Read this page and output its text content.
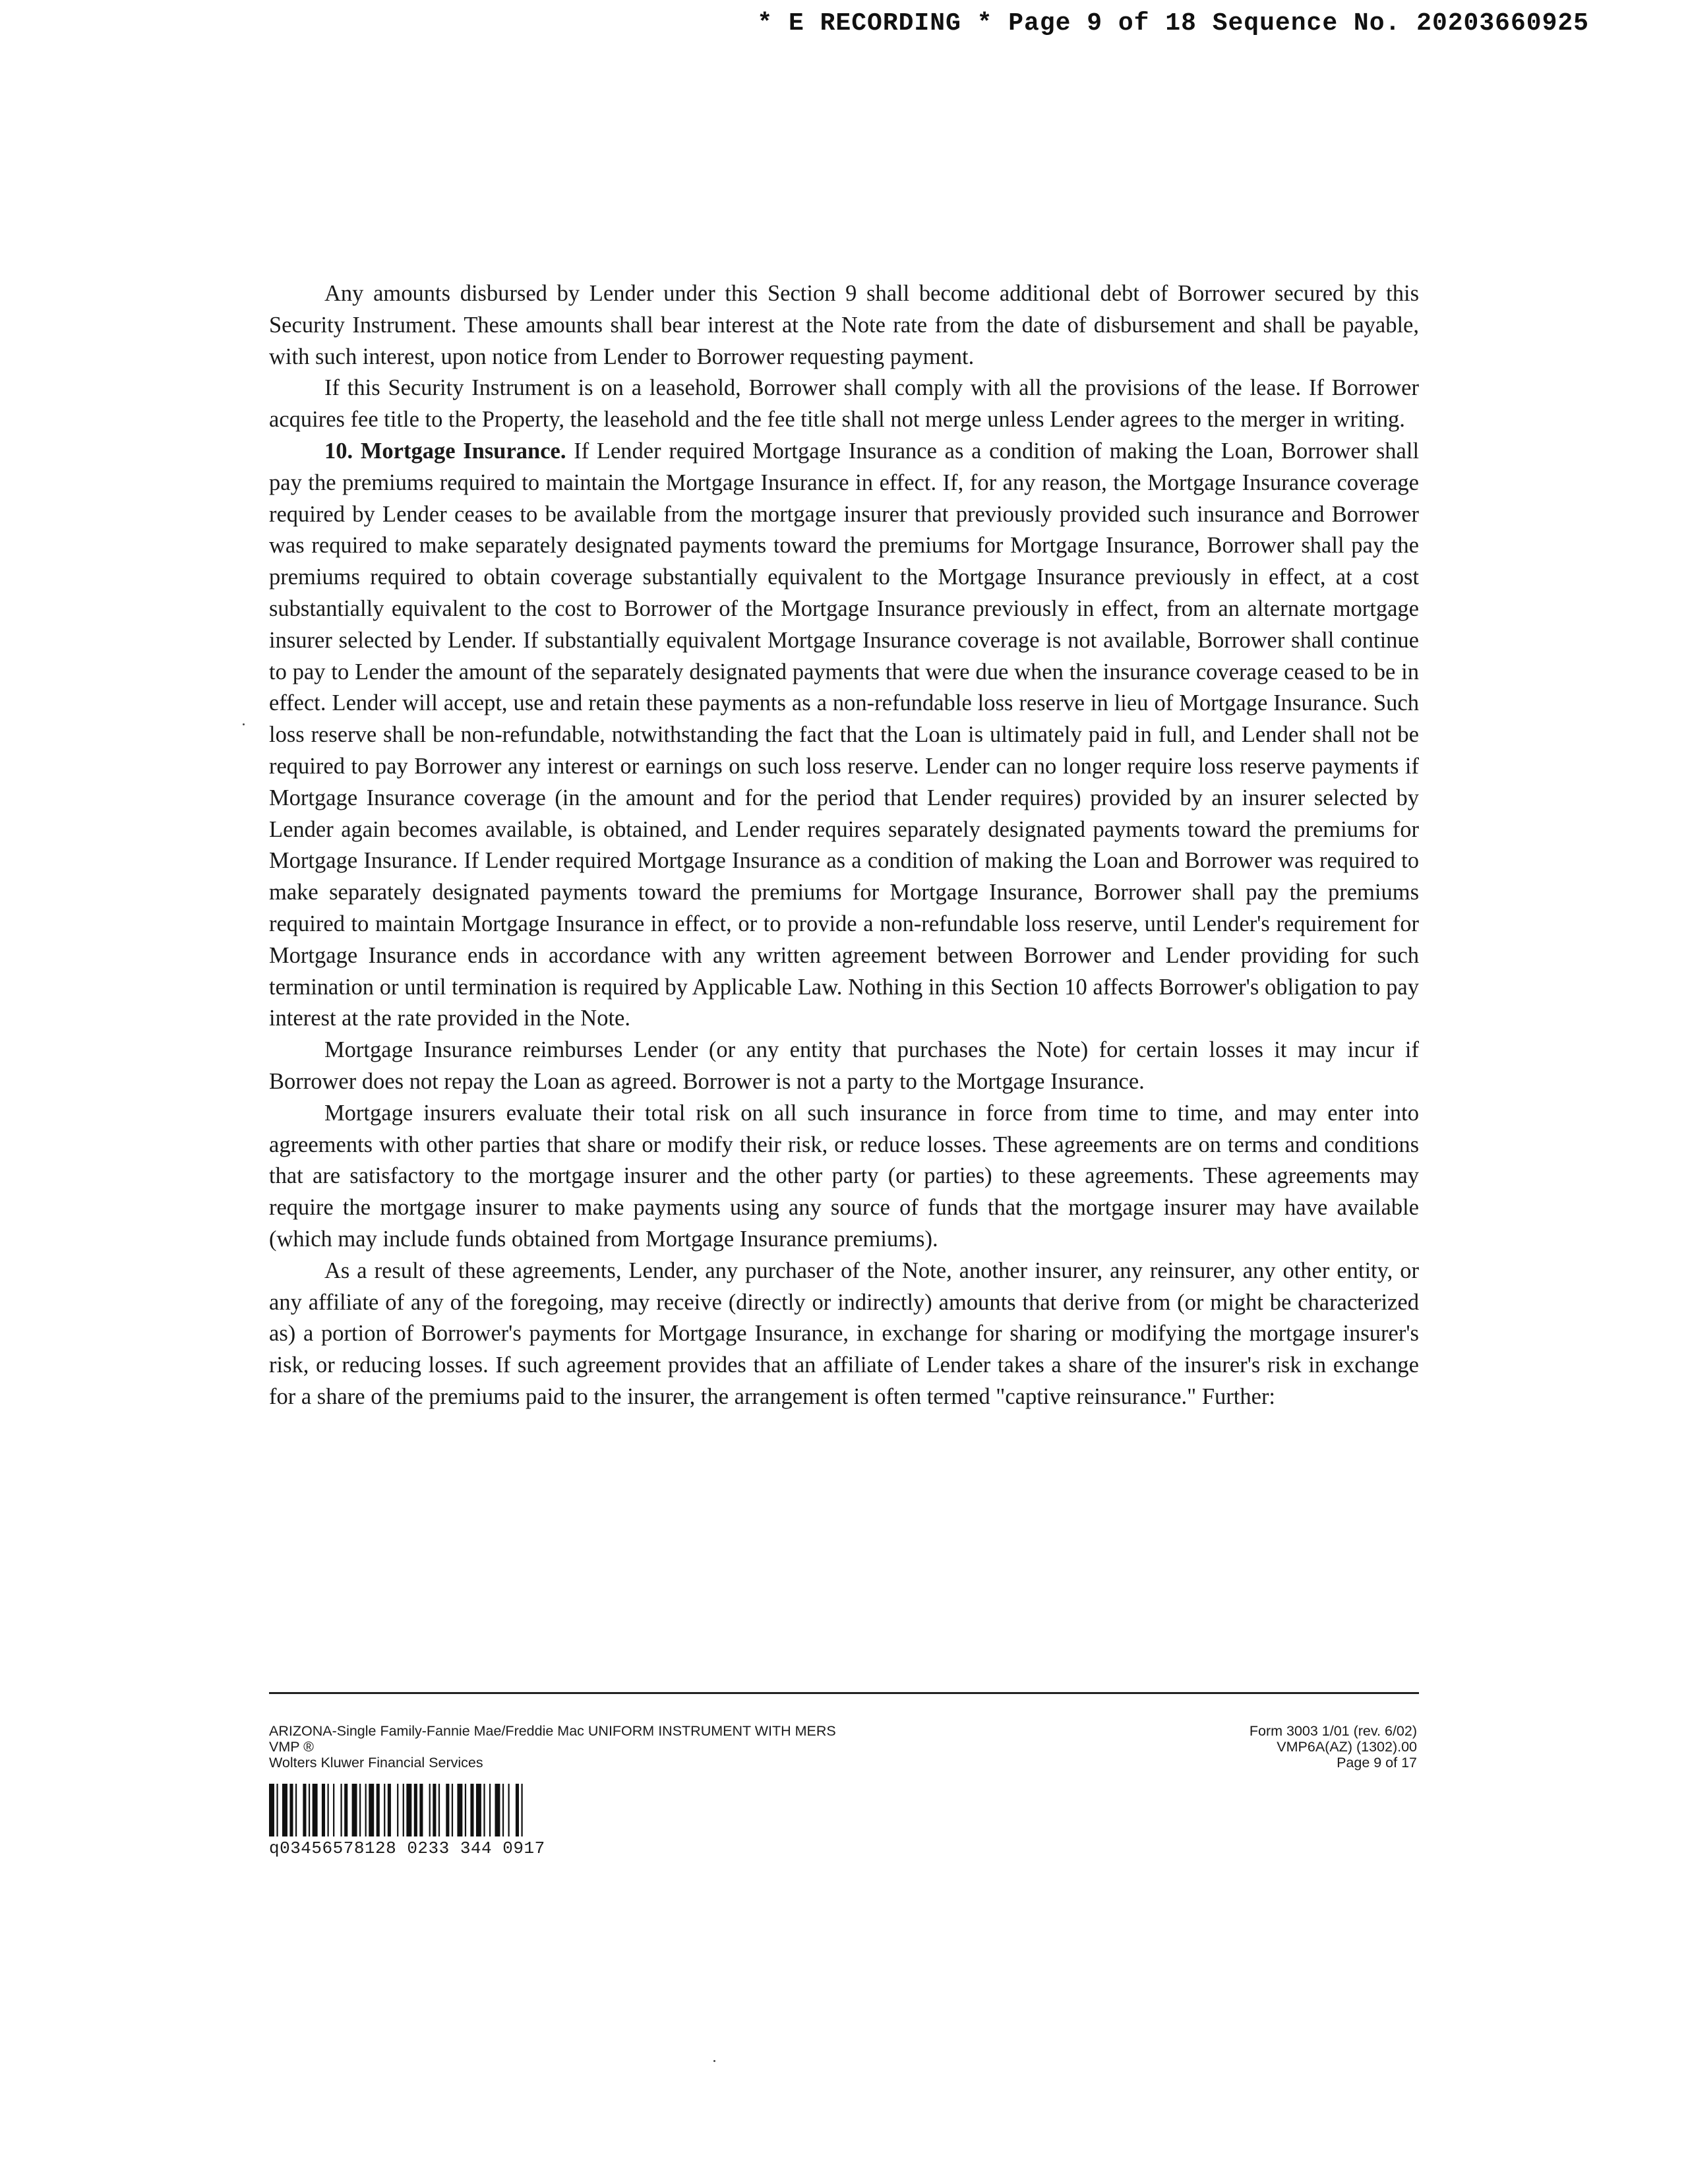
* E RECORDING * Page 9 of 18 Sequence No. 20203660925

Any amounts disbursed by Lender under this Section 9 shall become additional debt of Borrower secured by this Security Instrument. These amounts shall bear interest at the Note rate from the date of disbursement and shall be payable, with such interest, upon notice from Lender to Borrower requesting payment.

If this Security Instrument is on a leasehold, Borrower shall comply with all the provisions of the lease. If Borrower acquires fee title to the Property, the leasehold and the fee title shall not merge unless Lender agrees to the merger in writing.

10. Mortgage Insurance. If Lender required Mortgage Insurance as a condition of making the Loan, Borrower shall pay the premiums required to maintain the Mortgage Insurance in effect. If, for any reason, the Mortgage Insurance coverage required by Lender ceases to be available from the mortgage insurer that previously provided such insurance and Borrower was required to make separately designated payments toward the premiums for Mortgage Insurance, Borrower shall pay the premiums required to obtain coverage substantially equivalent to the Mortgage Insurance previously in effect, at a cost substantially equivalent to the cost to Borrower of the Mortgage Insurance previously in effect, from an alternate mortgage insurer selected by Lender. If substantially equivalent Mortgage Insurance coverage is not available, Borrower shall continue to pay to Lender the amount of the separately designated payments that were due when the insurance coverage ceased to be in effect. Lender will accept, use and retain these payments as a non-refundable loss reserve in lieu of Mortgage Insurance. Such loss reserve shall be non-refundable, notwithstanding the fact that the Loan is ultimately paid in full, and Lender shall not be required to pay Borrower any interest or earnings on such loss reserve. Lender can no longer require loss reserve payments if Mortgage Insurance coverage (in the amount and for the period that Lender requires) provided by an insurer selected by Lender again becomes available, is obtained, and Lender requires separately designated payments toward the premiums for Mortgage Insurance. If Lender required Mortgage Insurance as a condition of making the Loan and Borrower was required to make separately designated payments toward the premiums for Mortgage Insurance, Borrower shall pay the premiums required to maintain Mortgage Insurance in effect, or to provide a non-refundable loss reserve, until Lender's requirement for Mortgage Insurance ends in accordance with any written agreement between Borrower and Lender providing for such termination or until termination is required by Applicable Law. Nothing in this Section 10 affects Borrower's obligation to pay interest at the rate provided in the Note.

Mortgage Insurance reimburses Lender (or any entity that purchases the Note) for certain losses it may incur if Borrower does not repay the Loan as agreed. Borrower is not a party to the Mortgage Insurance.

Mortgage insurers evaluate their total risk on all such insurance in force from time to time, and may enter into agreements with other parties that share or modify their risk, or reduce losses. These agreements are on terms and conditions that are satisfactory to the mortgage insurer and the other party (or parties) to these agreements. These agreements may require the mortgage insurer to make payments using any source of funds that the mortgage insurer may have available (which may include funds obtained from Mortgage Insurance premiums).

As a result of these agreements, Lender, any purchaser of the Note, another insurer, any reinsurer, any other entity, or any affiliate of any of the foregoing, may receive (directly or indirectly) amounts that derive from (or might be characterized as) a portion of Borrower's payments for Mortgage Insurance, in exchange for sharing or modifying the mortgage insurer's risk, or reducing losses. If such agreement provides that an affiliate of Lender takes a share of the insurer's risk in exchange for a share of the premiums paid to the insurer, the arrangement is often termed "captive reinsurance." Further:

ARIZONA-Single Family-Fannie Mae/Freddie Mac UNIFORM INSTRUMENT WITH MERS
VMP ®
Wolters Kluwer Financial Services
Form 3003 1/01 (rev. 6/02)
VMP6A(AZ) (1302).00
Page 9 of 17
q03456578128 0233 344 0917
